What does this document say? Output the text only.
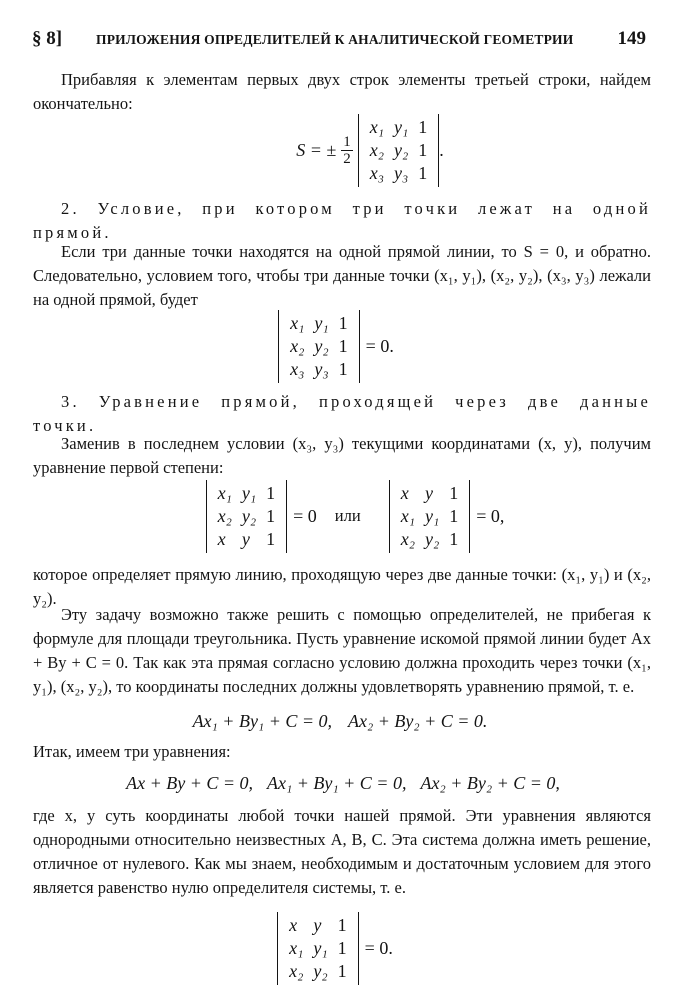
§ 8]	ПРИЛОЖЕНИЯ ОПРЕДЕЛИТЕЛЕЙ К АНАЛИТИЧЕСКОЙ ГЕОМЕТРИИ	149

Прибавляя к элементам первых двух строк элементы третьей строки, найдем окончательно:

S = ± $\frac{1}{2}$
x₁	y₁	1
x₂	y₂	1
x₃	y₃	1
.

2. Условие, при котором три точки лежат на одной прямой.

Если три данные точки находятся на одной прямой линии, то S = 0, и обратно. Следовательно, условием того, чтобы три данные точки (x₁, y₁), (x₂, y₂), (x₃, y₃) лежали на одной прямой, будет

x₁	y₁	1
x₂	y₂	1
x₃	y₃	1
= 0.

3. Уравнение прямой, проходящей через две данные точки.

Заменив в последнем условии (x₃, y₃) текущими координатами (x, y), получим уравнение первой степени:

x₁	y₁	1
x₂	y₂	1
x	y	1
= 0 или
x	y	1
x₁	y₁	1
x₂	y₂	1
= 0,

которое определяет прямую линию, проходящую через две данные точки: (x₁, y₁) и (x₂, y₂).

Эту задачу возможно также решить с помощью определителей, не прибегая к формуле для площади треугольника. Пусть уравнение искомой прямой линии будет Ax + By + C = 0. Так как эта прямая согласно условию должна проходить через точки (x₁, y₁), (x₂, y₂), то координаты последних должны удовлетворять уравнению прямой, т. е.

Ax₁ + By₁ + C = 0, Ax₂ + By₂ + C = 0.

Итак, имеем три уравнения:

Ax + By + C = 0, Ax₁ + By₁ + C = 0, Ax₂ + By₂ + C = 0,

где x, y суть координаты любой точки нашей прямой. Эти уравнения являются однородными относительно неизвестных A, B, C. Эта система должна иметь решение, отличное от нулевого. Как мы знаем, необходимым и достаточным условием для этого является равенство нулю определителя системы, т. е.

x	y	1
x₁	y₁	1
x₂	y₂	1
= 0.
